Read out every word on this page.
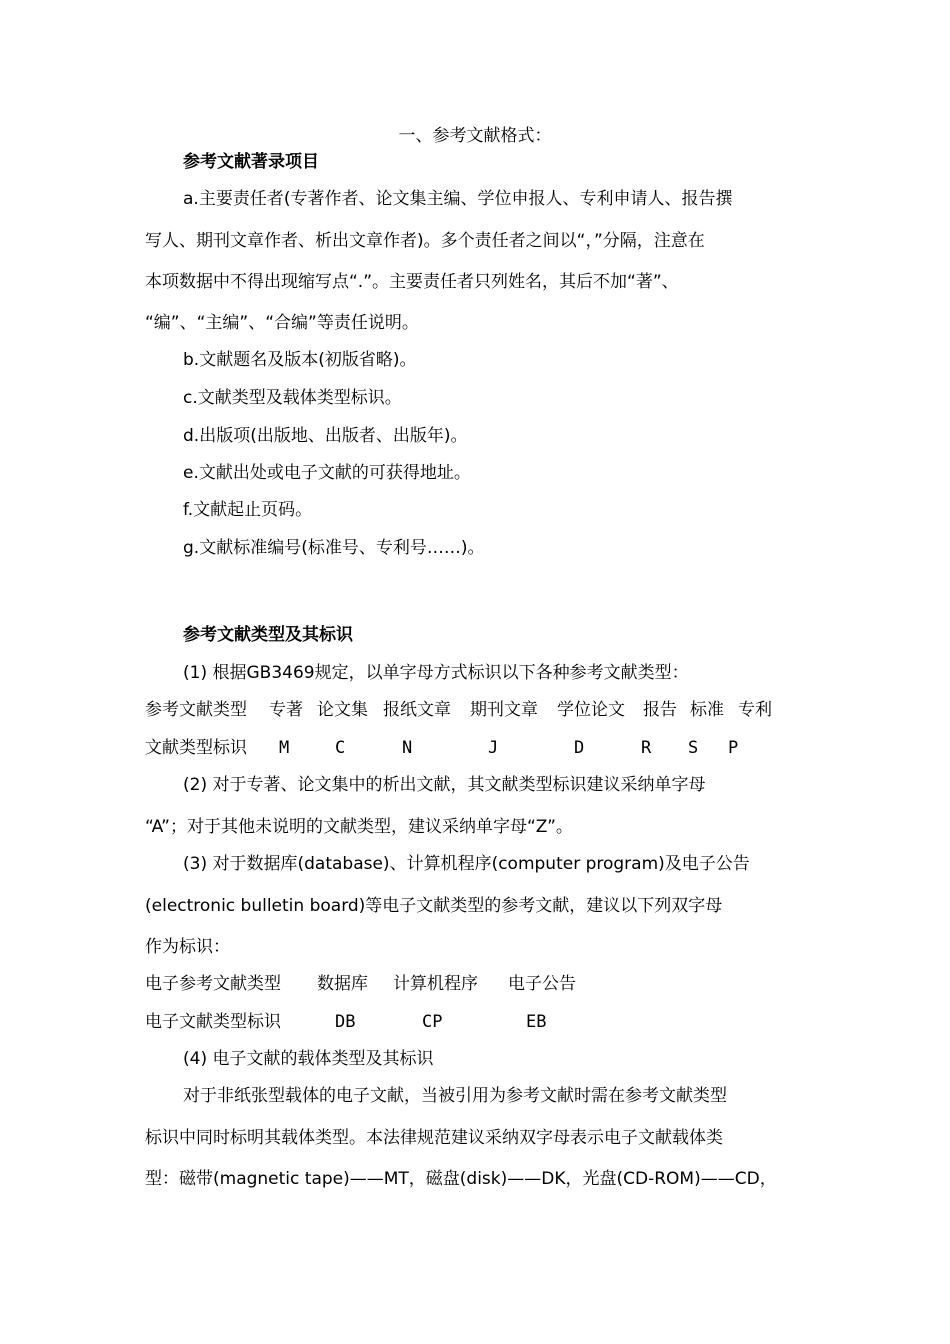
一、参考文献格式：
参考文献著录项目
a.主要责任者(专著作者、论文集主编、学位申报人、专利申请人、报告撰
写人、期刊文章作者、析出文章作者)。多个责任者之间以“，”分隔，注意在
本项数据中不得出现缩写点“.”。主要责任者只列姓名，其后不加“著”、
“编”、“主编”、“合编”等责任说明。
b.文献题名及版本(初版省略)。
c.文献类型及载体类型标识。
d.出版项(出版地、出版者、出版年)。
e.文献出处或电子文献的可获得地址。
f.文献起止页码。
g.文献标准编号(标准号、专利号……)。
参考文献类型及其标识
(1) 根据GB3469规定，以单字母方式标识以下各种参考文献类型：
参考文献类型 专著 论文集 报纸文章 期刊文章 学位论文 报告 标准 专利
文献类型标识 M	C	N	J	D	R S P
(2) 对于专著、论文集中的析出文献，其文献类型标识建议采纳单字母
“A”；对于其他未说明的文献类型，建议采纳单字母“Z”。
(3) 对于数据库(database)、计算机程序(computer program)及电子公告
(electronic bulletin board)等电子文献类型的参考文献，建议以下列双字母
作为标识：
电子参考文献类型 数据库 计算机程序 电子公告
电子文献类型标识	DB	CP	EB
(4) 电子文献的载体类型及其标识
对于非纸张型载体的电子文献，当被引用为参考文献时需在参考文献类型
标识中同时标明其载体类型。本法律规范建议采纳双字母表示电子文献载体类
型：磁带(magnetic tape)——MT，磁盘(disk)——DK，光盘(CD-ROM)——CD，
